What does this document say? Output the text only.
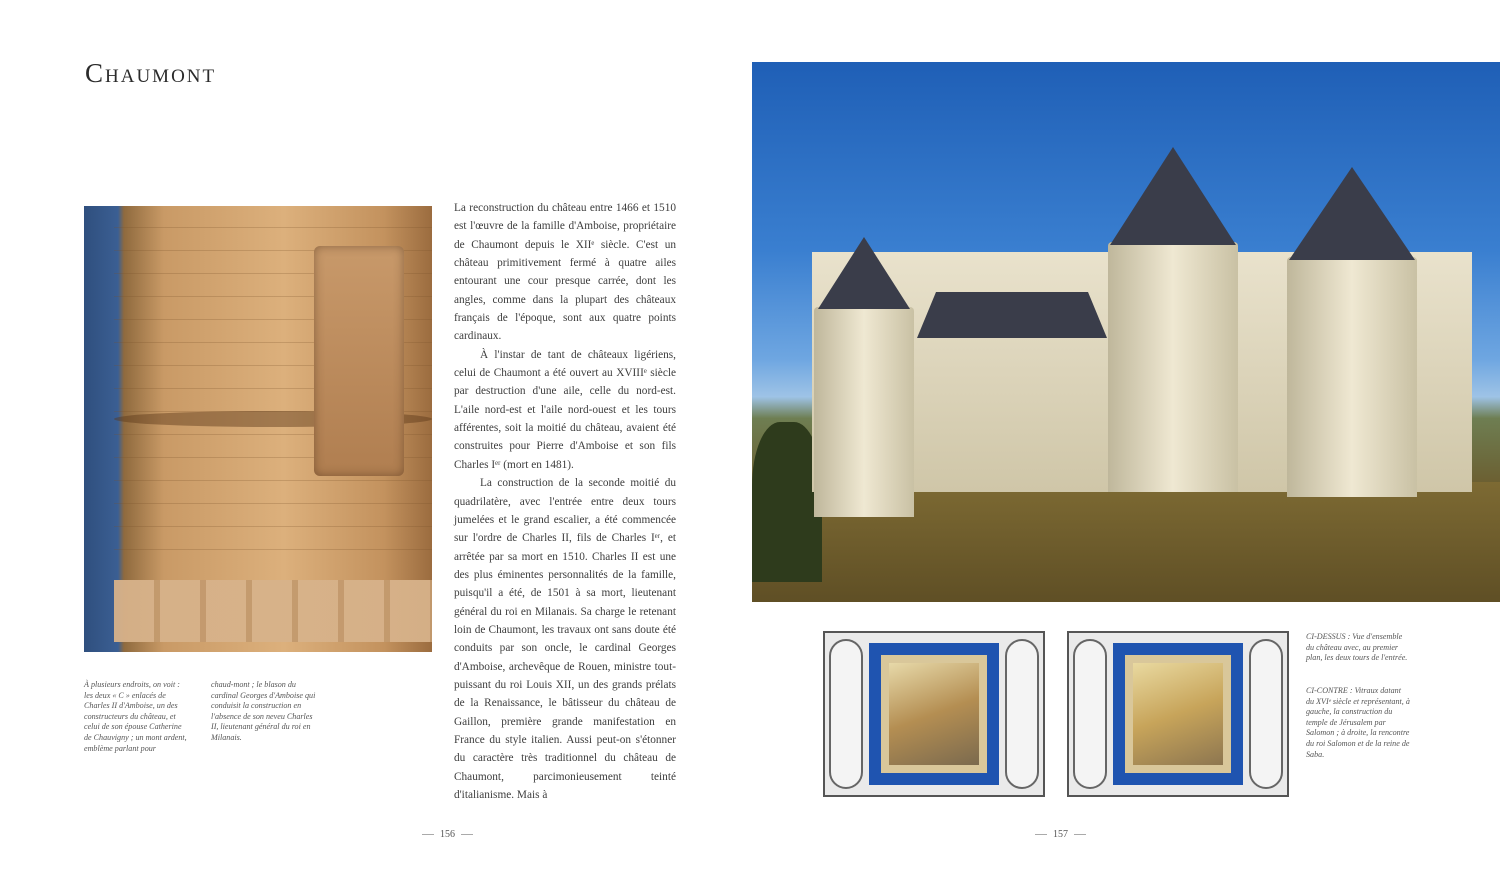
Chaumont
À plusieurs endroits, on voit : les deux « C » enlacés de Charles II d'Amboise, un des constructeurs du château, et celui de son épouse Catherine de Chauvigny ; un mont ardent, emblème parlant pour
chaud-mont ; le blason du cardinal Georges d'Amboise qui conduisit la construction en l'absence de son neveu Charles II, lieutenant général du roi en Milanais.

La reconstruction du château entre 1466 et 1510 est l'œuvre de la famille d'Amboise, propriétaire de Chaumont depuis le XIIᵉ siècle. C'est un château primitivement fermé à quatre ailes entourant une cour presque carrée, dont les angles, comme dans la plupart des châteaux français de l'époque, sont aux quatre points cardinaux.

À l'instar de tant de châteaux ligériens, celui de Chaumont a été ouvert au XVIIIᵉ siècle par destruction d'une aile, celle du nord-est. L'aile nord-est et l'aile nord-ouest et les tours afférentes, soit la moitié du château, avaient été construites pour Pierre d'Amboise et son fils Charles Iᵉʳ (mort en 1481).

La construction de la seconde moitié du quadrilatère, avec l'entrée entre deux tours jumelées et le grand escalier, a été commencée sur l'ordre de Charles II, fils de Charles Iᵉʳ, et arrêtée par sa mort en 1510. Charles II est une des plus éminentes personnalités de la famille, puisqu'il a été, de 1501 à sa mort, lieutenant général du roi en Milanais. Sa charge le retenant loin de Chaumont, les travaux ont sans doute été conduits par son oncle, le cardinal Georges d'Amboise, archevêque de Rouen, ministre tout-puissant du roi Louis XII, un des grands prélats de la Renaissance, le bâtisseur du château de Gaillon, première grande manifestation en France du style italien. Aussi peut-on s'étonner du caractère très traditionnel du château de Chaumont, parcimonieusement teinté d'italianisme. Mais à

156
CI-DESSUS : Vue d'ensemble du château avec, au premier plan, les deux tours de l'entrée.
CI-CONTRE : Vitraux datant du XVIᵉ siècle et représentant, à gauche, la construction du temple de Jérusalem par Salomon ; à droite, la rencontre du roi Salomon et de la reine de Saba.
157
